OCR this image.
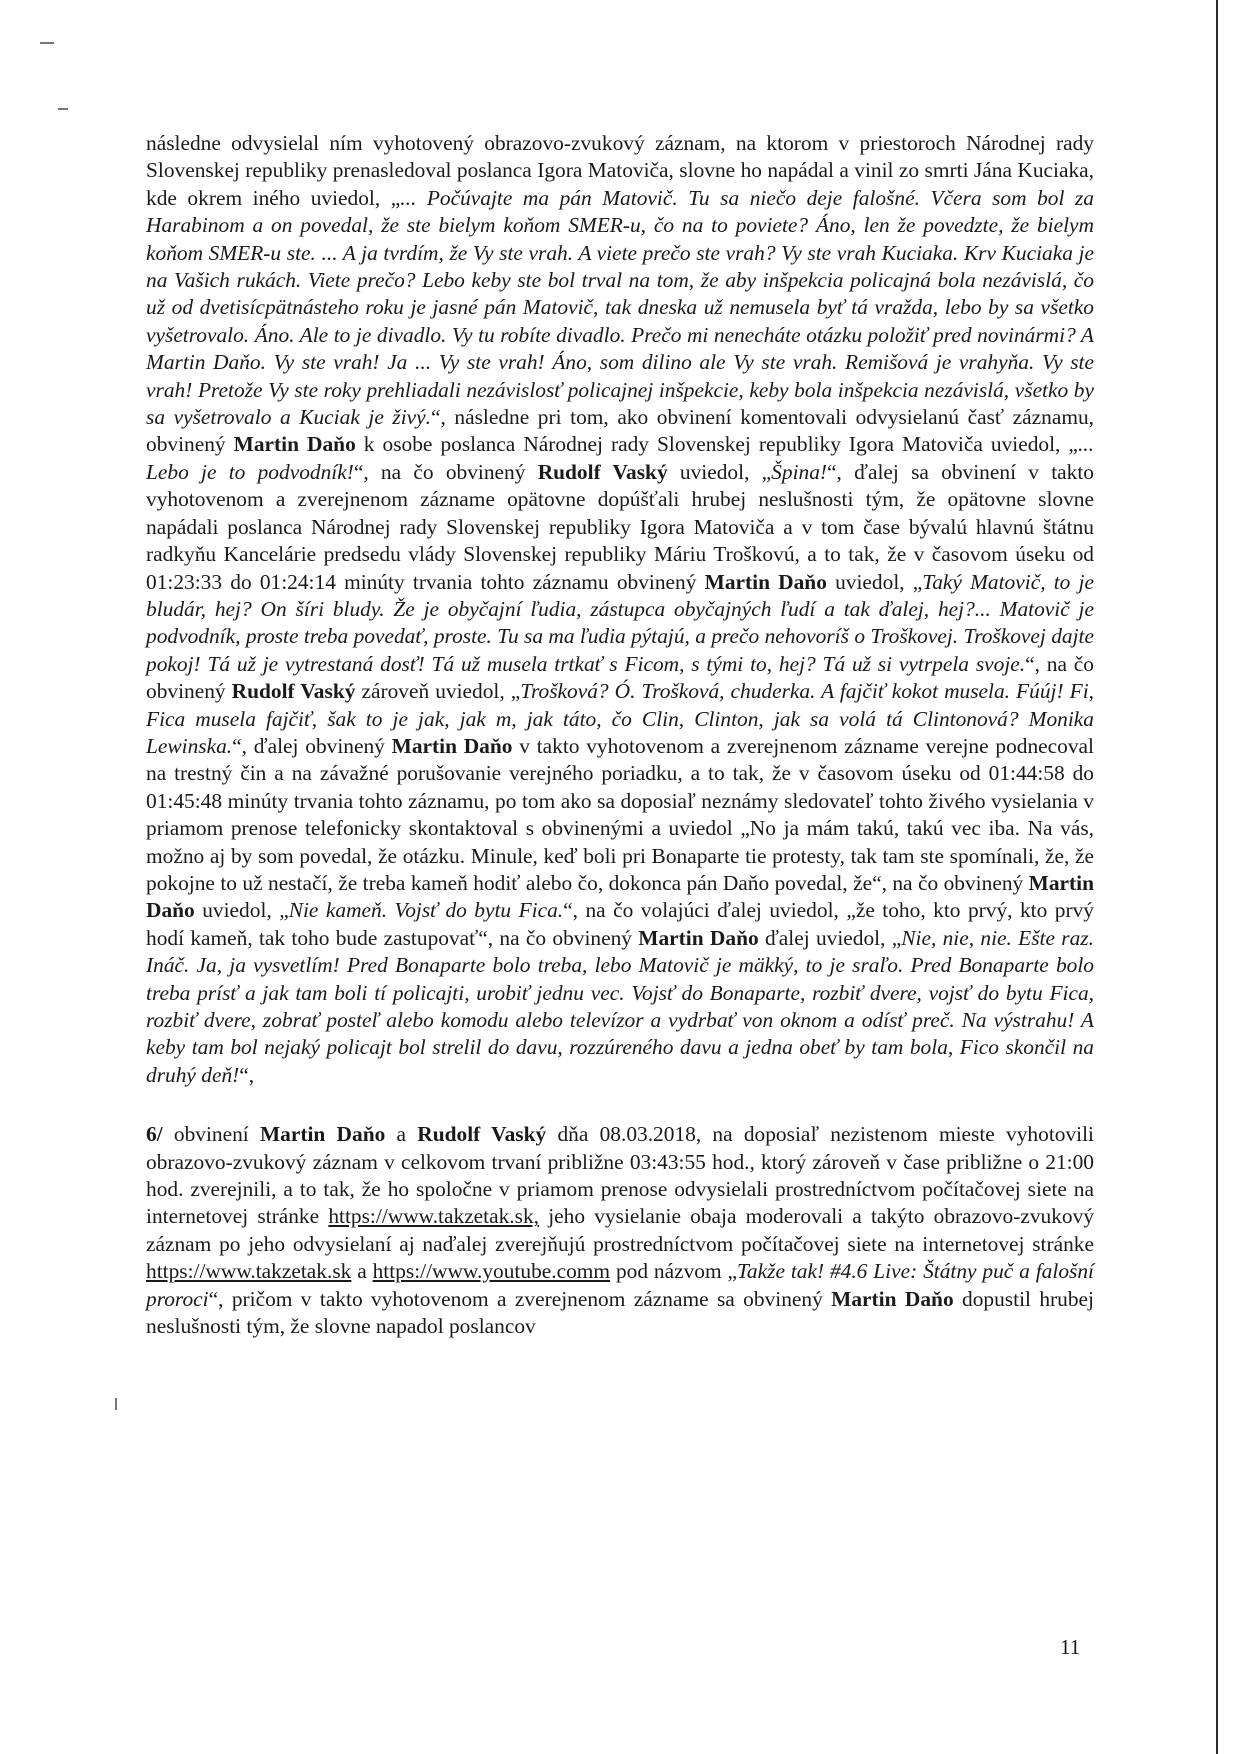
následne odvysielal ním vyhotovený obrazovo-zvukový záznam, na ktorom v priestoroch Národnej rady Slovenskej republiky prenasledoval poslanca Igora Matoviča, slovne ho napádal a vinil zo smrti Jána Kuciaka, kde okrem iného uviedol, „... Počúvajte ma pán Matovič. Tu sa niečo deje falošné. Včera som bol za Harabinom a on povedal, že ste bielym koňom SMER-u, čo na to poviete? Áno, len že povedzte, že bielym koňom SMER-u ste. ... A ja tvrdím, že Vy ste vrah. A viete prečo ste vrah? Vy ste vrah Kuciaka. Krv Kuciaka je na Vašich rukách. Viete prečo? Lebo keby ste bol trval na tom, že aby inšpekcia policajná bola nezávislá, čo už od dvetisícpätnásteho roku je jasné pán Matovič, tak dneska už nemusela byť tá vražda, lebo by sa všetko vyšetrovalo. Áno. Ale to je divadlo. Vy tu robíte divadlo. Prečo mi nenecháte otázku položiť pred novinármi? A Martin Daňo. Vy ste vrah! Ja ... Vy ste vrah! Áno, som dilino ale Vy ste vrah. Remišová je vrahyňa. Vy ste vrah! Pretože Vy ste roky prehliadali nezávislosť policajnej inšpekcie, keby bola inšpekcia nezávislá, všetko by sa vyšetrovalo a Kuciak je živý.“, následne pri tom, ako obvinení komentovali odvysielanú časť záznamu, obvinený Martin Daňo k osobe poslanca Národnej rady Slovenskej republiky Igora Matoviča uviedol, „... Lebo je to podvodník!“, na čo obvinený Rudolf Vaský uviedol, „Špina!“, ďalej sa obvinení v takto vyhotovenom a zverejnenom zázname opätovne dopúšťali hrubej neslušnosti tým, že opätovne slovne napádali poslanca Národnej rady Slovenskej republiky Igora Matoviča a v tom čase bývalú hlavnú štátnu radkyňu Kancelárie predsedu vlády Slovenskej republiky Máriu Troškovú, a to tak, že v časovom úseku od 01:23:33 do 01:24:14 minúty trvania tohto záznamu obvinený Martin Daňo uviedol, „Taký Matovič, to je bludár, hej? On šíri bludy. Že je obyčajní ľudia, zástupca obyčajných ľudí a tak ďalej, hej?... Matovič je podvodník, proste treba povedať, proste. Tu sa ma ľudia pýtajú, a prečo nehovoríš o Troškovej. Troškovej dajte pokoj! Tá už je vytrestaná dosť! Tá už musela trtkať s Ficom, s tými to, hej? Tá už si vytrpela svoje.“, na čo obvinený Rudolf Vaský zároveň uviedol, „Trošková? Ó. Trošková, chuderka. A fajčiť kokot musela. Fúúj! Fi, Fica musela fajčiť, šak to je jak, jak m, jak táto, čo Clin, Clinton, jak sa volá tá Clintonová? Monika Lewinska.“, ďalej obvinený Martin Daňo v takto vyhotovenom a zverejnenom zázname verejne podnecoval na trestný čin a na závažné porušovanie verejného poriadku, a to tak, že v časovom úseku od 01:44:58 do 01:45:48 minúty trvania tohto záznamu, po tom ako sa doposiaľ neznámy sledovateľ tohto živého vysielania v priamom prenose telefonicky skontaktoval s obvinenými a uviedol „No ja mám takú, takú vec iba. Na vás, možno aj by som povedal, že otázku. Minule, keď boli pri Bonaparte tie protesty, tak tam ste spomínali, že, že pokojne to už nestačí, že treba kameň hodiť alebo čo, dokonca pán Daňo povedal, že“, na čo obvinený Martin Daňo uviedol, „Nie kameň. Vojsť do bytu Fica.“, na čo volajúci ďalej uviedol, „že toho, kto prvý, kto prvý hodí kameň, tak toho bude zastupovať“, na čo obvinený Martin Daňo ďalej uviedol, „Nie, nie, nie. Ešte raz. Ináč. Ja, ja vysvetlím! Pred Bonaparte bolo treba, lebo Matovič je mäkký, to je sraľo. Pred Bonaparte bolo treba prísť a jak tam boli tí policajti, urobiť jednu vec. Vojsť do Bonaparte, rozbiť dvere, vojsť do bytu Fica, rozbiť dvere, zobrať posteľ alebo komodu alebo televízor a vydrbať von oknom a odísť preč. Na výstrahu! A keby tam bol nejaký policajt bol strelil do davu, rozzúreného davu a jedna obeť by tam bola, Fico skončil na druhý deň!“,

6/ obvinení Martin Daňo a Rudolf Vaský dňa 08.03.2018, na doposiaľ nezistenom mieste vyhotovili obrazovo-zvukový záznam v celkovom trvaní približne 03:43:55 hod., ktorý zároveň v čase približne o 21:00 hod. zverejnili, a to tak, že ho spoločne v priamom prenose odvysielali prostredníctvom počítačovej siete na internetovej stránke https://www.takzetak.sk, jeho vysielanie obaja moderovali a takýto obrazovo-zvukový záznam po jeho odvysielaní aj naďalej zverejňujú prostredníctvom počítačovej siete na internetovej stránke https://www.takzetak.sk a https://www.youtube.comm pod názvom „Takže tak! #4.6 Live: Štátny puč a falošní proroci“, pričom v takto vyhotovenom a zverejnenom zázname sa obvinený Martin Daňo dopustil hrubej neslušnosti tým, že slovne napadol poslancov

11
